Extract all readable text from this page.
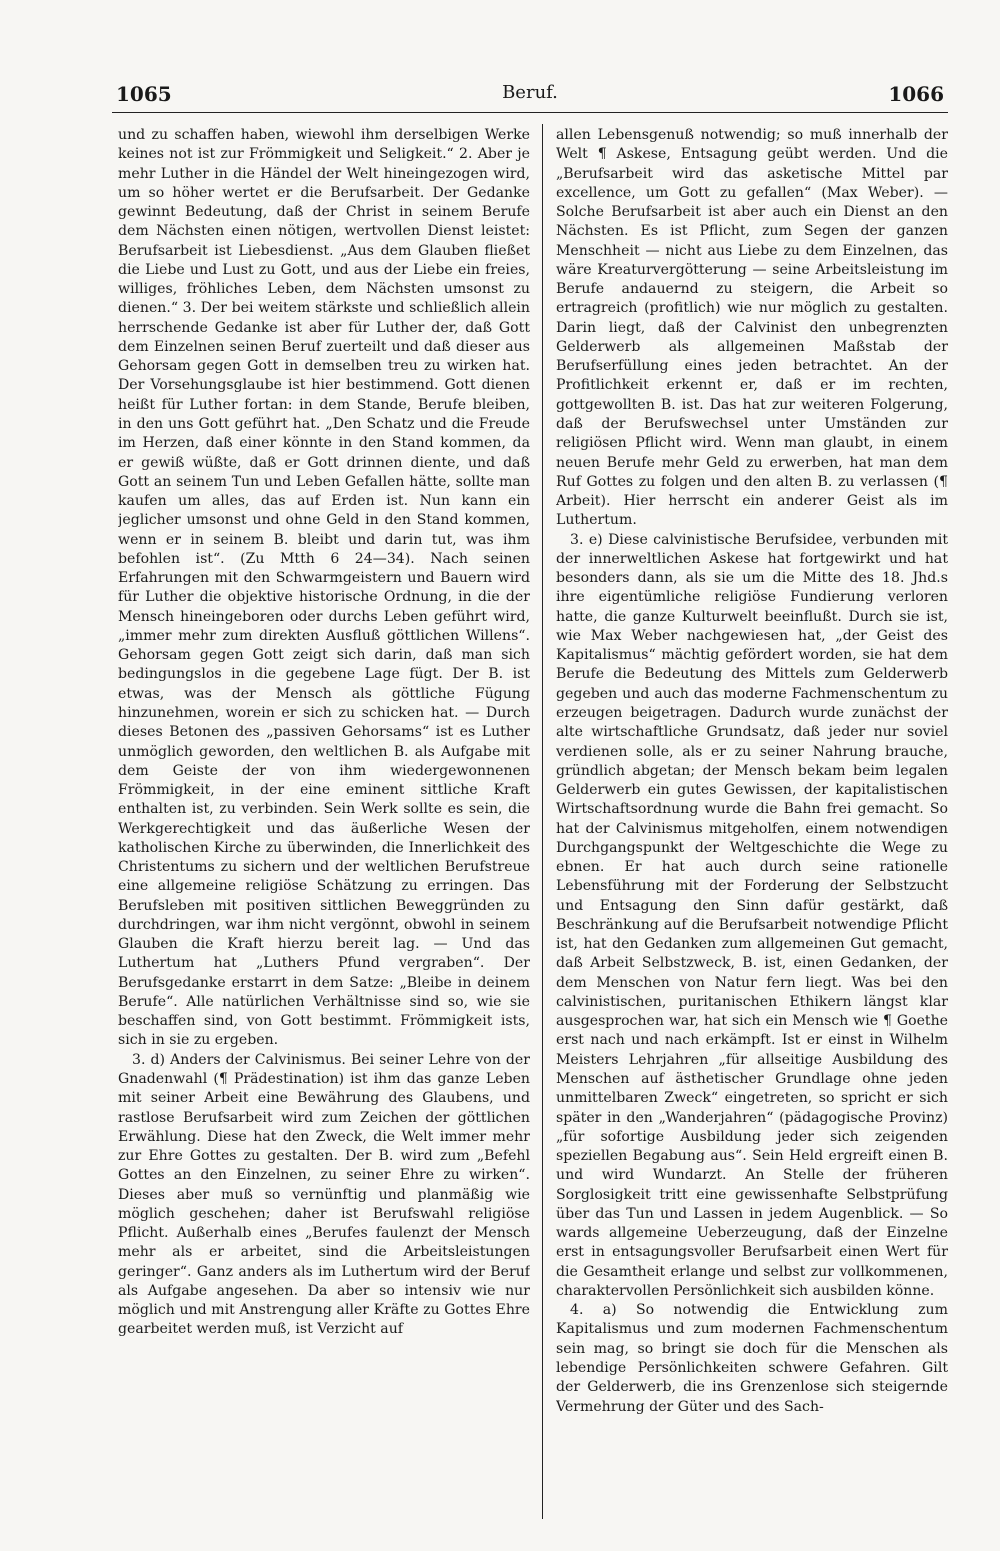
1065	Beruf.	1066

und zu schaffen haben, wiewohl ihm derselbigen Werke keines not ist zur Frömmigkeit und Seligkeit.“ 2. Aber je mehr Luther in die Händel der Welt hineingezogen wird, um so höher wertet er die Berufsarbeit. Der Gedanke gewinnt Bedeutung, daß der Christ in seinem Berufe dem Nächsten einen nötigen, wertvollen Dienst leistet: Berufsarbeit ist Liebesdienst. „Aus dem Glauben fließet die Liebe und Lust zu Gott, und aus der Liebe ein freies, williges, fröhliches Leben, dem Nächsten umsonst zu dienen.“ 3. Der bei weitem stärkste und schließlich allein herrschende Gedanke ist aber für Luther der, daß Gott dem Einzelnen seinen Beruf zuerteilt und daß dieser aus Gehorsam gegen Gott in demselben treu zu wirken hat. Der Vorsehungsglaube ist hier bestimmend. Gott dienen heißt für Luther fortan: in dem Stande, Berufe bleiben, in den uns Gott geführt hat. „Den Schatz und die Freude im Herzen, daß einer könnte in den Stand kommen, da er gewiß wüßte, daß er Gott drinnen diente, und daß Gott an seinem Tun und Leben Gefallen hätte, sollte man kaufen um alles, das auf Erden ist. Nun kann ein jeglicher umsonst und ohne Geld in den Stand kommen, wenn er in seinem B. bleibt und darin tut, was ihm befohlen ist“. (Zu Mtth 6 24—34). Nach seinen Erfahrungen mit den Schwarmgeistern und Bauern wird für Luther die objektive historische Ordnung, in die der Mensch hineingeboren oder durchs Leben geführt wird, „immer mehr zum direkten Ausfluß göttlichen Willens“. Gehorsam gegen Gott zeigt sich darin, daß man sich bedingungslos in die gegebene Lage fügt. Der B. ist etwas, was der Mensch als göttliche Fügung hinzunehmen, worein er sich zu schicken hat. — Durch dieses Betonen des „passiven Gehorsams“ ist es Luther unmöglich geworden, den weltlichen B. als Aufgabe mit dem Geiste der von ihm wiedergewonnenen Frömmigkeit, in der eine eminent sittliche Kraft enthalten ist, zu verbinden. Sein Werk sollte es sein, die Werkgerechtigkeit und das äußerliche Wesen der katholischen Kirche zu überwinden, die Innerlichkeit des Christentums zu sichern und der weltlichen Berufstreue eine allgemeine religiöse Schätzung zu erringen. Das Berufsleben mit positiven sittlichen Beweggründen zu durchdringen, war ihm nicht vergönnt, obwohl in seinem Glauben die Kraft hierzu bereit lag. — Und das Luthertum hat „Luthers Pfund vergraben“. Der Berufsgedanke erstarrt in dem Satze: „Bleibe in deinem Berufe“. Alle natürlichen Verhältnisse sind so, wie sie beschaffen sind, von Gott bestimmt. Frömmigkeit ists, sich in sie zu ergeben.

3. d) Anders der Calvinismus. Bei seiner Lehre von der Gnadenwahl (¶ Prädestination) ist ihm das ganze Leben mit seiner Arbeit eine Bewährung des Glaubens, und rastlose Berufsarbeit wird zum Zeichen der göttlichen Erwählung. Diese hat den Zweck, die Welt immer mehr zur Ehre Gottes zu gestalten. Der B. wird zum „Befehl Gottes an den Einzelnen, zu seiner Ehre zu wirken“. Dieses aber muß so vernünftig und planmäßig wie möglich geschehen; daher ist Berufswahl religiöse Pflicht. Außerhalb eines „Berufes faulenzt der Mensch mehr als er arbeitet, sind die Arbeitsleistungen geringer“. Ganz anders als im Luthertum wird der Beruf als Aufgabe angesehen. Da aber so intensiv wie nur möglich und mit Anstrengung aller Kräfte zu Gottes Ehre gearbeitet werden muß, ist Verzicht auf

allen Lebensgenuß notwendig; so muß innerhalb der Welt ¶ Askese, Entsagung geübt werden. Und die „Berufsarbeit wird das asketische Mittel par excellence, um Gott zu gefallen“ (Max Weber). — Solche Berufsarbeit ist aber auch ein Dienst an den Nächsten. Es ist Pflicht, zum Segen der ganzen Menschheit — nicht aus Liebe zu dem Einzelnen, das wäre Kreaturvergötterung — seine Arbeitsleistung im Berufe andauernd zu steigern, die Arbeit so ertragreich (profitlich) wie nur möglich zu gestalten. Darin liegt, daß der Calvinist den unbegrenzten Gelderwerb als allgemeinen Maßstab der Berufserfüllung eines jeden betrachtet. An der Profitlichkeit erkennt er, daß er im rechten, gottgewollten B. ist. Das hat zur weiteren Folgerung, daß der Berufswechsel unter Umständen zur religiösen Pflicht wird. Wenn man glaubt, in einem neuen Berufe mehr Geld zu erwerben, hat man dem Ruf Gottes zu folgen und den alten B. zu verlassen (¶ Arbeit). Hier herrscht ein anderer Geist als im Luthertum.

3. e) Diese calvinistische Berufsidee, verbunden mit der innerweltlichen Askese hat fortgewirkt und hat besonders dann, als sie um die Mitte des 18. Jhd.s ihre eigentümliche religiöse Fundierung verloren hatte, die ganze Kulturwelt beeinflußt. Durch sie ist, wie Max Weber nachgewiesen hat, „der Geist des Kapitalismus“ mächtig gefördert worden, sie hat dem Berufe die Bedeutung des Mittels zum Gelderwerb gegeben und auch das moderne Fachmenschentum zu erzeugen beigetragen. Dadurch wurde zunächst der alte wirtschaftliche Grundsatz, daß jeder nur soviel verdienen solle, als er zu seiner Nahrung brauche, gründlich abgetan; der Mensch bekam beim legalen Gelderwerb ein gutes Gewissen, der kapitalistischen Wirtschaftsordnung wurde die Bahn frei gemacht. So hat der Calvinismus mitgeholfen, einem notwendigen Durchgangspunkt der Weltgeschichte die Wege zu ebnen. Er hat auch durch seine rationelle Lebensführung mit der Forderung der Selbstzucht und Entsagung den Sinn dafür gestärkt, daß Beschränkung auf die Berufsarbeit notwendige Pflicht ist, hat den Gedanken zum allgemeinen Gut gemacht, daß Arbeit Selbstzweck, B. ist, einen Gedanken, der dem Menschen von Natur fern liegt. Was bei den calvinistischen, puritanischen Ethikern längst klar ausgesprochen war, hat sich ein Mensch wie ¶ Goethe erst nach und nach erkämpft. Ist er einst in Wilhelm Meisters Lehrjahren „für allseitige Ausbildung des Menschen auf ästhetischer Grundlage ohne jeden unmittelbaren Zweck“ eingetreten, so spricht er sich später in den „Wanderjahren“ (pädagogische Provinz) „für sofortige Ausbildung jeder sich zeigenden speziellen Begabung aus“. Sein Held ergreift einen B. und wird Wundarzt. An Stelle der früheren Sorglosigkeit tritt eine gewissenhafte Selbstprüfung über das Tun und Lassen in jedem Augenblick. — So wards allgemeine Ueberzeugung, daß der Einzelne erst in entsagungsvoller Berufsarbeit einen Wert für die Gesamtheit erlange und selbst zur vollkommenen, charaktervollen Persönlichkeit sich ausbilden könne.

4. a) So notwendig die Entwicklung zum Kapitalismus und zum modernen Fachmenschentum sein mag, so bringt sie doch für die Menschen als lebendige Persönlichkeiten schwere Gefahren. Gilt der Gelderwerb, die ins Grenzenlose sich steigernde Vermehrung der Güter und des Sach-
